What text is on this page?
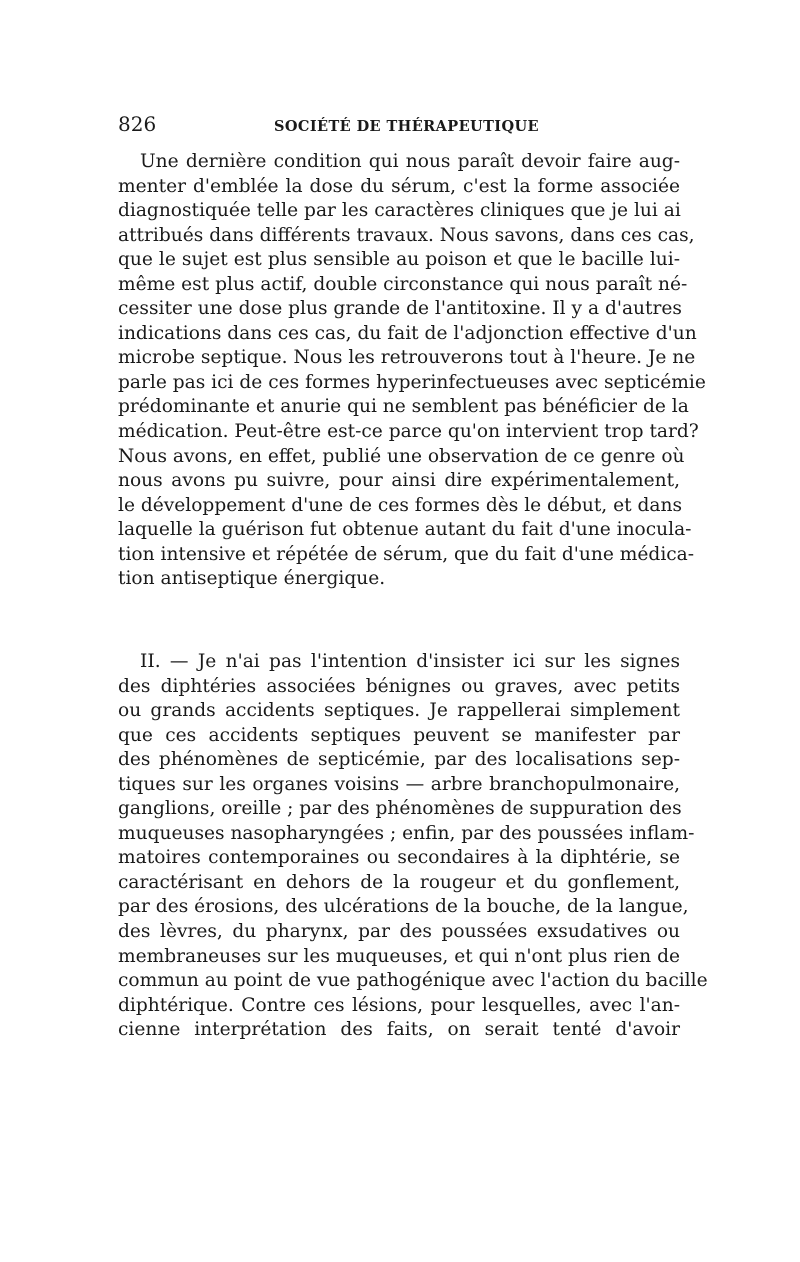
826	SOCIÉTÉ DE THÉRAPEUTIQUE
Une dernière condition qui nous paraît devoir faire aug-
menter d'emblée la dose du sérum, c'est la forme associée
diagnostiquée telle par les caractères cliniques que je lui ai
attribués dans différents travaux. Nous savons, dans ces cas,
que le sujet est plus sensible au poison et que le bacille lui-
même est plus actif, double circonstance qui nous paraît né-
cessiter une dose plus grande de l'antitoxine. Il y a d'autres
indications dans ces cas, du fait de l'adjonction effective d'un
microbe septique. Nous les retrouverons tout à l'heure. Je ne
parle pas ici de ces formes hyperinfectueuses avec septicémie
prédominante et anurie qui ne semblent pas bénéficier de la
médication. Peut-être est-ce parce qu'on intervient trop tard?
Nous avons, en effet, publié une observation de ce genre où
nous avons pu suivre, pour ainsi dire expérimentalement,
le développement d'une de ces formes dès le début, et dans
laquelle la guérison fut obtenue autant du fait d'une inocula-
tion intensive et répétée de sérum, que du fait d'une médica-
tion antiseptique énergique.
II. — Je n'ai pas l'intention d'insister ici sur les signes
des diphtéries associées bénignes ou graves, avec petits
ou grands accidents septiques. Je rappellerai simplement
que ces accidents septiques peuvent se manifester par
des phénomènes de septicémie, par des localisations sep-
tiques sur les organes voisins — arbre branchopulmonaire,
ganglions, oreille ; par des phénomènes de suppuration des
muqueuses nasopharyngées ; enfin, par des poussées inflam-
matoires contemporaines ou secondaires à la diphtérie, se
caractérisant en dehors de la rougeur et du gonflement,
par des érosions, des ulcérations de la bouche, de la langue,
des lèvres, du pharynx, par des poussées exsudatives ou
membraneuses sur les muqueuses, et qui n'ont plus rien de
commun au point de vue pathogénique avec l'action du bacille
diphtérique. Contre ces lésions, pour lesquelles, avec l'an-
cienne interprétation des faits, on serait tenté d'avoir
